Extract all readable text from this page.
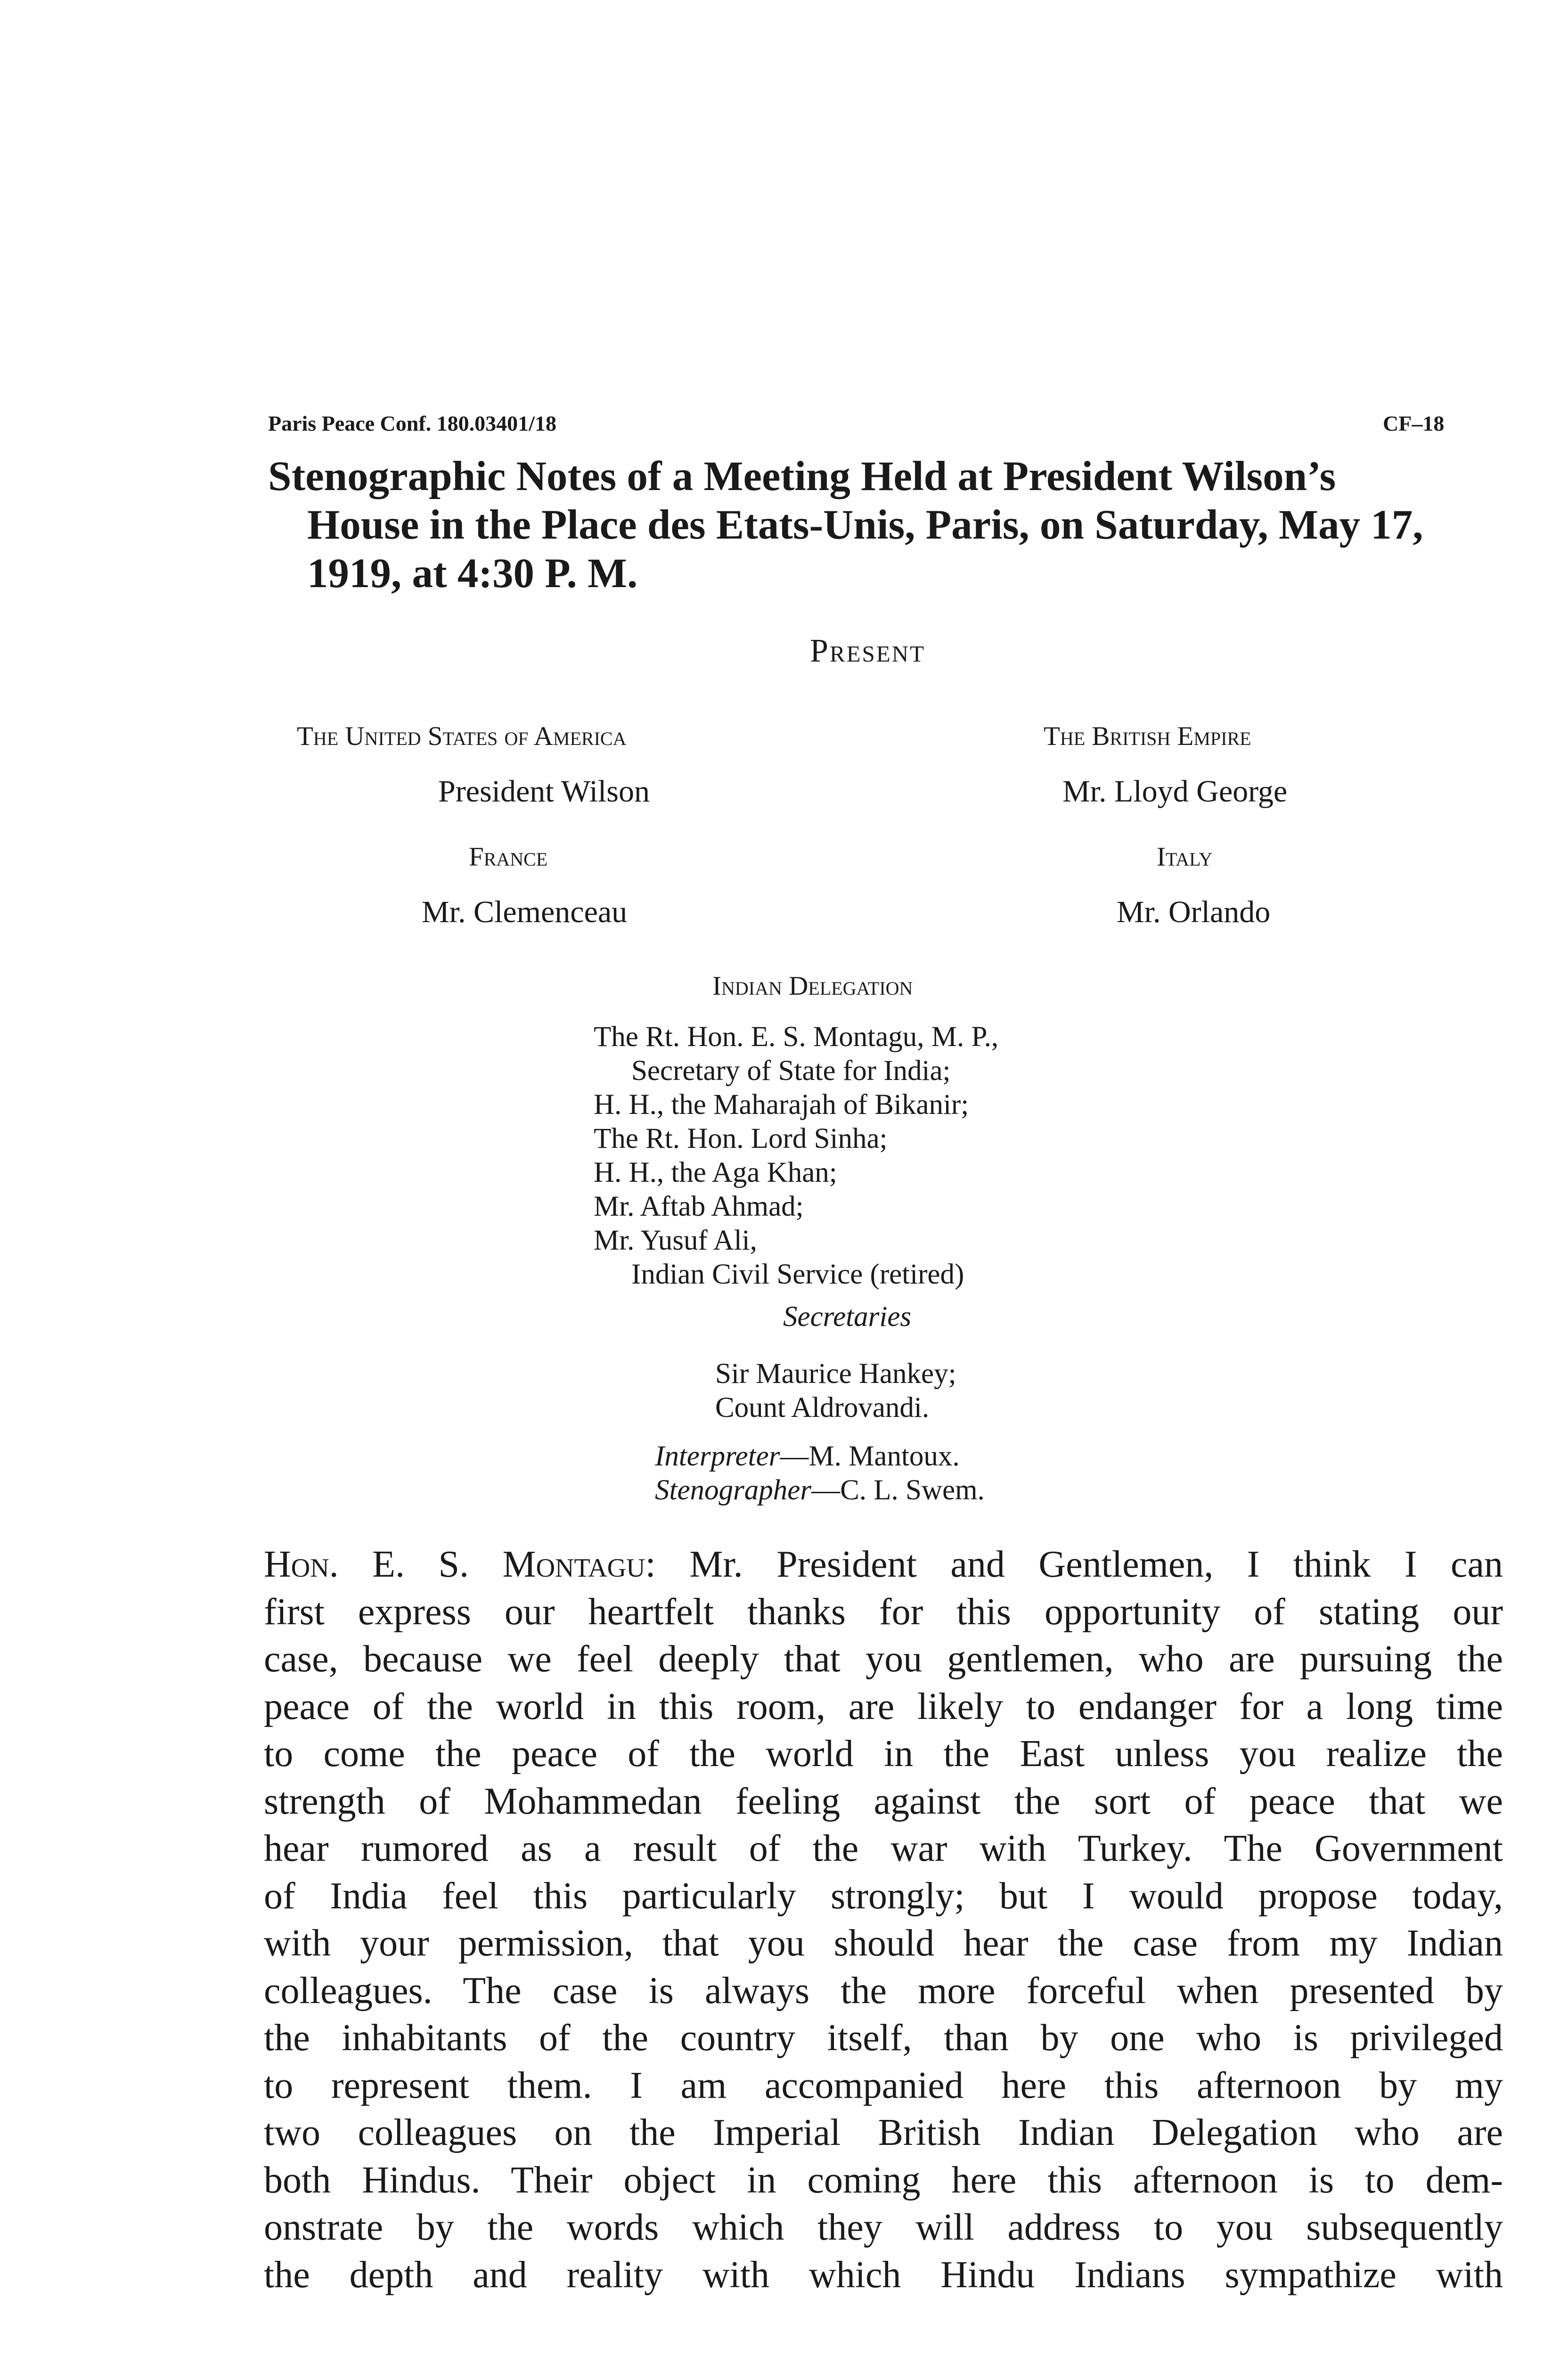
Paris Peace Conf. 180.03401/18	CF–18
Stenographic Notes of a Meeting Held at President Wilson’s
House in the Place des Etats-Unis, Paris, on Saturday, May 17,
1919, at 4:30 P. M.
Present
The United States of America
President Wilson
France
Mr. Clemenceau
The British Empire
Mr. Lloyd George
Italy
Mr. Orlando
Indian Delegation
The Rt. Hon. E. S. Montagu, M. P.,
Secretary of State for India;
H. H., the Maharajah of Bikanir;
The Rt. Hon. Lord Sinha;
H. H., the Aga Khan;
Mr. Aftab Ahmad;
Mr. Yusuf Ali,
Indian Civil Service (retired)
Secretaries
Sir Maurice Hankey;
Count Aldrovandi.
Interpreter—M. Mantoux.
Stenographer—C. L. Swem.
Hon. E. S. Montagu: Mr. President and Gentlemen, I think I can
first express our heartfelt thanks for this opportunity of stating our
case, because we feel deeply that you gentlemen, who are pursuing the
peace of the world in this room, are likely to endanger for a long time
to come the peace of the world in the East unless you realize the
strength of Mohammedan feeling against the sort of peace that we
hear rumored as a result of the war with Turkey. The Government
of India feel this particularly strongly; but I would propose today,
with your permission, that you should hear the case from my Indian
colleagues. The case is always the more forceful when presented by
the inhabitants of the country itself, than by one who is privileged
to represent them. I am accompanied here this afternoon by my
two colleagues on the Imperial British Indian Delegation who are
both Hindus. Their object in coming here this afternoon is to dem-
onstrate by the words which they will address to you subsequently
the depth and reality with which Hindu Indians sympathize with
